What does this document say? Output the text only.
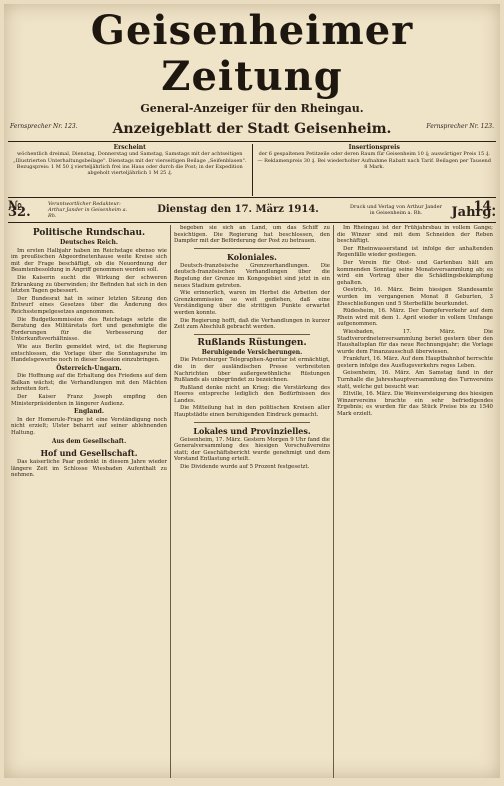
Geisenheimer Zeitung
General-Anzeiger für den Rheingau.
Fernsprecher Nr. 123.	Anzeigeblatt der Stadt Geisenheim.	Fernsprecher Nr. 123.
Erscheint
wöchentlich dreimal, Dienstag, Donnerstag und Samstag, Samstags mit der achtseitigen „Illustrierten Unterhaltungsbeilage". Dienstags mit der vierseitigen Beilage „Seifenblasen". Bezugspreis: 1 M 50 ₰ vierteljährlich frei ins Haus oder durch die Post; in der Expedition abgeholt vierteljährlich 1 M 25 ₰.
Insertionspreis
der 6 gespaltenen Petitzeile oder deren Raum für Geisenheim 10 ₰; auswärtiger Preis 15 ₰. — Reklamenpreis 30 ₰. Bei wiederholter Aufnahme Rabatt nach Tarif. Beilagen per Tausend 8 Mark.
№ 32.
Verantwortlicher Redakteur: Arthur Jander in Geisenheim a. Rh.
Dienstag den 17. März 1914.	Druck und Verlag von Arthur Jander in Geisenheim a. Rh.	14. Jahrg.
Politische Rundschau.
Deutsches Reich.

Im ersten Halbjahr haben im Reichstage ebenso wie im preußischen Abgeordnetenhause weite Kreise sich mit der Frage beschäftigt, ob die Neuordnung der Beamtenbesoldung in Angriff genommen werden soll.

Die Kaiserin sucht die Wirkung der schweren Erkrankung zu überwinden; ihr Befinden hat sich in den letzten Tagen gebessert.

Der Bundesrat hat in seiner letzten Sitzung den Entwurf eines Gesetzes über die Änderung des Reichsstempelgesetzes angenommen.

Die Budgetkommission des Reichstags setzte die Beratung des Militäretats fort und genehmigte die Forderungen für die Verbesserung der Unterkunftsverhältnisse.

Wie aus Berlin gemeldet wird, ist die Regierung entschlossen, die Vorlage über die Sonntagsruhe im Handelsgewerbe noch in dieser Session einzubringen.

Österreich-Ungarn.

Die Hoffnung auf die Erhaltung des Friedens auf dem Balkan wächst; die Verhandlungen mit den Mächten schreiten fort.

Der Kaiser Franz Joseph empfing den Ministerpräsidenten in längerer Audienz.

England.

In der Homerule-Frage ist eine Verständigung noch nicht erzielt; Ulster beharrt auf seiner ablehnenden Haltung.

Aus dem Gesellschaft.
Hof und Gesellschaft.

Das kaiserliche Paar gedenkt in diesem Jahre wieder längere Zeit im Schlosse Wiesbaden Aufenthalt zu nehmen.

begeben sie sich an Land, um das Schiff zu besichtigen. Die Regierung hat beschlossen, den Dampfer mit der Beförderung der Post zu betrauen.

Koloniales.

Deutsch-französische Grenzverhandlungen. Die deutsch-französischen Verhandlungen über die Regelung der Grenze im Kongogebiet sind jetzt in ein neues Stadium getreten.

Wie erinnerlich, waren im Herbst die Arbeiten der Grenzkommission so weit gediehen, daß eine Verständigung über die strittigen Punkte erwartet werden konnte.

Die Regierung hofft, daß die Verhandlungen in kurzer Zeit zum Abschluß gebracht werden.

Rußlands Rüstungen.
Beruhigende Versicherungen.

Die Petersburger Telegraphen-Agentur ist ermächtigt, die in der ausländischen Presse verbreiteten Nachrichten über außergewöhnliche Rüstungen Rußlands als unbegründet zu bezeichnen.

Rußland denke nicht an Krieg; die Verstärkung des Heeres entspreche lediglich den Bedürfnissen des Landes.

Die Mitteilung hat in den politischen Kreisen aller Hauptstädte einen beruhigenden Eindruck gemacht.

Lokales und Provinzielles.

Geisenheim, 17. März. Gestern Morgen 9 Uhr fand die Generalversammlung des hiesigen Vorschußvereins statt; der Geschäftsbericht wurde genehmigt und dem Vorstand Entlastung erteilt.

Die Dividende wurde auf 5 Prozent festgesetzt.

Im Rheingau ist der Frühjahrsbau in vollem Gange; die Winzer sind mit dem Schneiden der Reben beschäftigt.

Der Rheinwasserstand ist infolge der anhaltenden Regenfälle wieder gestiegen.

Der Verein für Obst- und Gartenbau hält am kommenden Sonntag seine Monatsversammlung ab; es wird ein Vortrag über die Schädlingsbekämpfung gehalten.

Oestrich, 16. März. Beim hiesigen Standesamte wurden im vergangenen Monat 8 Geburten, 3 Eheschließungen und 5 Sterbefälle beurkundet.

Rüdesheim, 16. März. Der Dampferverkehr auf dem Rhein wird mit dem 1. April wieder in vollem Umfange aufgenommen.

Wiesbaden, 17. März. Die Stadtverordnetenversammlung beriet gestern über den Haushaltsplan für das neue Rechnungsjahr; die Vorlage wurde dem Finanzausschuß überwiesen.

Frankfurt, 16. März. Auf dem Hauptbahnhof herrschte gestern infolge des Ausflugsverkehrs reges Leben.

Geisenheim, 16. März. Am Samstag fand in der Turnhalle die Jahreshauptversammlung des Turnvereins statt, welche gut besucht war.

Eltville, 16. März. Die Weinversteigerung des hiesigen Winzervereins brachte ein sehr befriedigendes Ergebnis; es wurden für das Stück Preise bis zu 1540 Mark erzielt.
